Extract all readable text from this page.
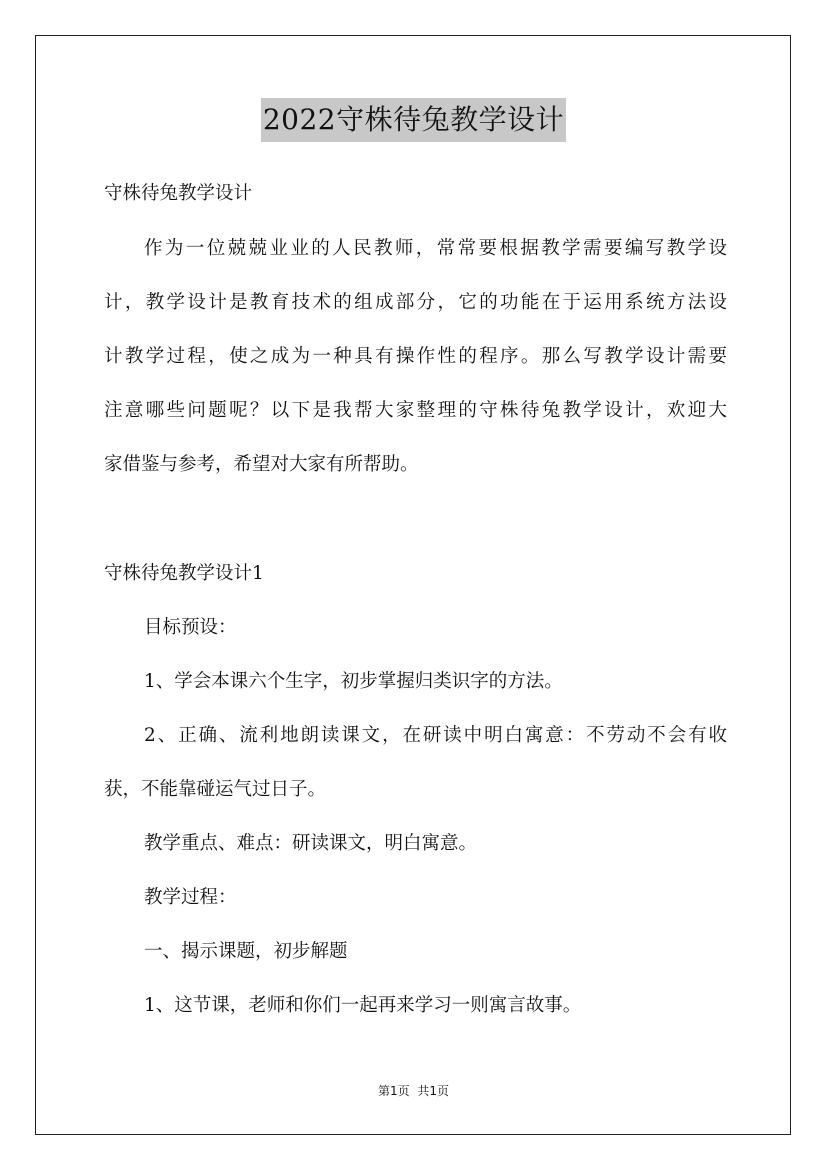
2022守株待兔教学设计
守株待兔教学设计
作为一位兢兢业业的人民教师，常常要根据教学需要编写教学设
计，教学设计是教育技术的组成部分，它的功能在于运用系统方法设
计教学过程，使之成为一种具有操作性的程序。那么写教学设计需要
注意哪些问题呢？以下是我帮大家整理的守株待兔教学设计，欢迎大
家借鉴与参考，希望对大家有所帮助。
守株待兔教学设计1
目标预设：
1、学会本课六个生字，初步掌握归类识字的方法。
2、正确、流利地朗读课文，在研读中明白寓意：不劳动不会有收
获，不能靠碰运气过日子。
教学重点、难点：研读课文，明白寓意。
教学过程：
一、揭示课题，初步解题
1、这节课，老师和你们一起再来学习一则寓言故事。
第1页 共1页
